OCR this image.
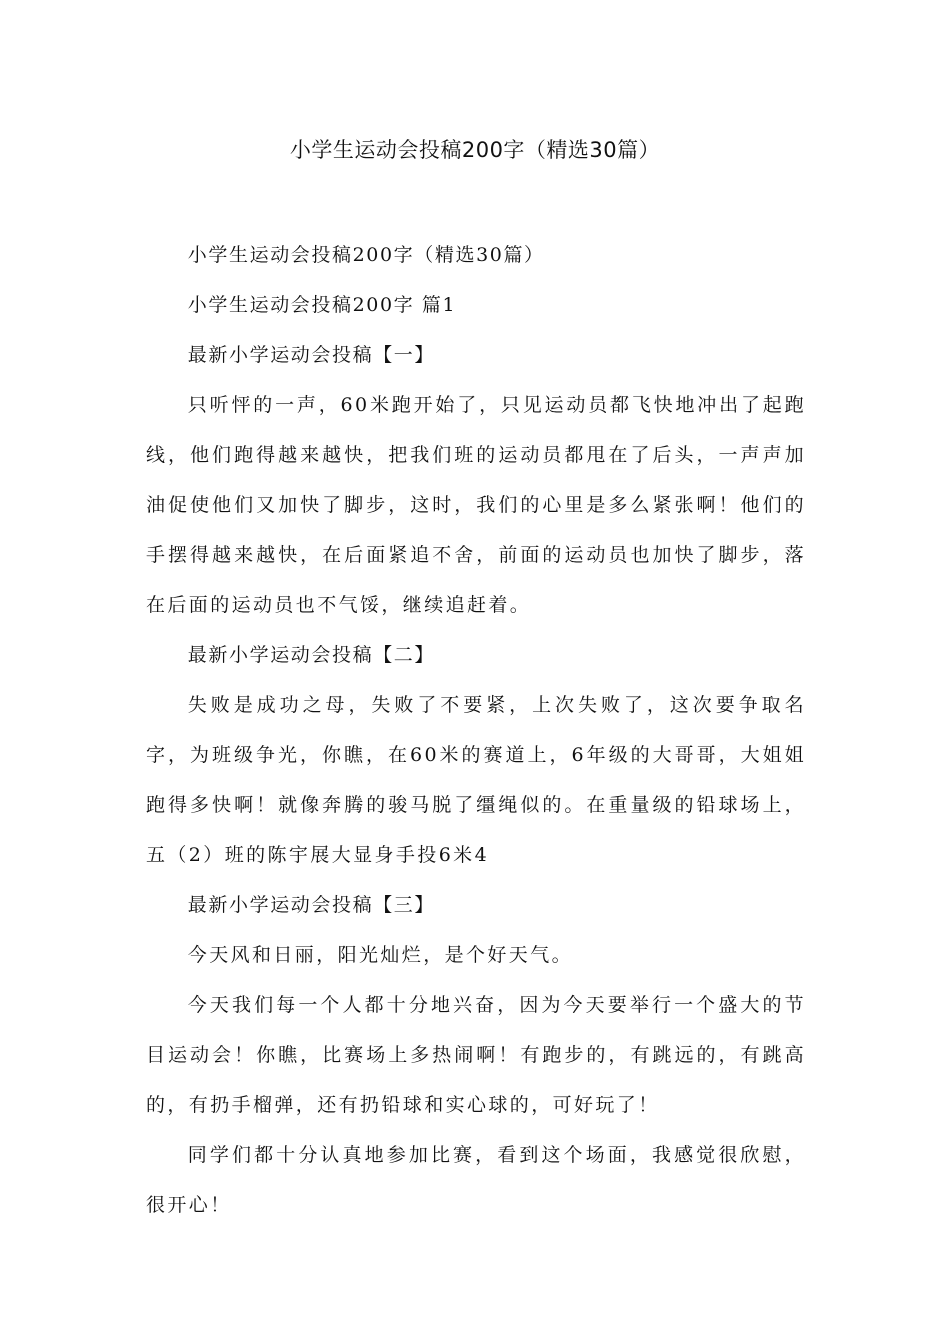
小学生运动会投稿200字（精选30篇）

小学生运动会投稿200字（精选30篇）

小学生运动会投稿200字 篇1

最新小学运动会投稿【一】

只听怦的一声，60米跑开始了，只见运动员都飞快地冲出了起跑线，他们跑得越来越快，把我们班的运动员都甩在了后头，一声声加油促使他们又加快了脚步，这时，我们的心里是多么紧张啊！他们的手摆得越来越快，在后面紧追不舍，前面的运动员也加快了脚步，落在后面的运动员也不气馁，继续追赶着。

最新小学运动会投稿【二】

失败是成功之母，失败了不要紧，上次失败了，这次要争取名字，为班级争光，你瞧，在60米的赛道上，6年级的大哥哥，大姐姐跑得多快啊！就像奔腾的骏马脱了缰绳似的。在重量级的铅球场上，五（2）班的陈宇展大显身手投6米4

最新小学运动会投稿【三】

今天风和日丽，阳光灿烂，是个好天气。

今天我们每一个人都十分地兴奋，因为今天要举行一个盛大的节目运动会！你瞧，比赛场上多热闹啊！有跑步的，有跳远的，有跳高的，有扔手榴弹，还有扔铅球和实心球的，可好玩了！

同学们都十分认真地参加比赛，看到这个场面，我感觉很欣慰，很开心！
